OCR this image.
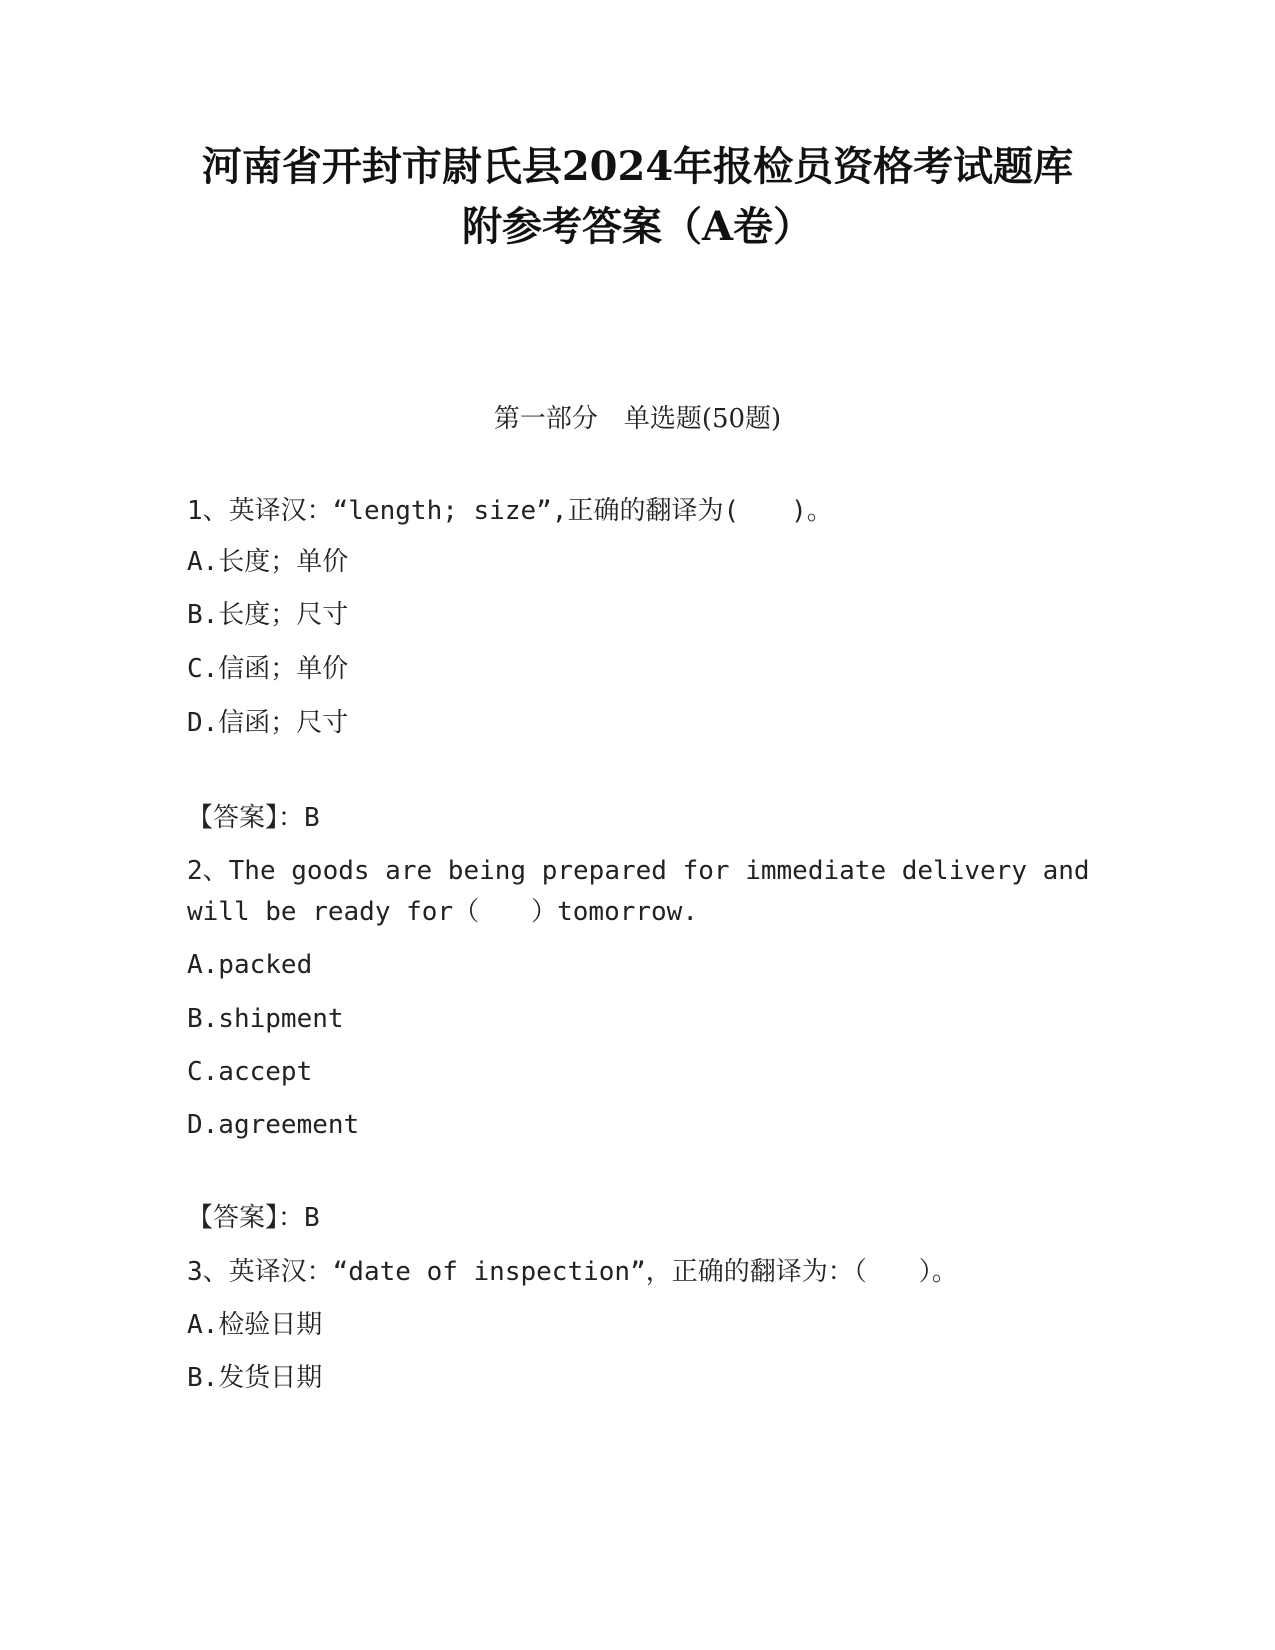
河南省开封市尉氏县2024年报检员资格考试题库
附参考答案（A卷）
第一部分　单选题(50题)
1、英译汉：“length; size”,正确的翻译为(　　)。
A.长度；单价
B.长度；尺寸
C.信函；单价
D.信函；尺寸
【答案】：B
2、The goods are being prepared for immediate delivery and
will be ready for（　　）tomorrow.
A.packed
B.shipment
C.accept
D.agreement
【答案】：B
3、英译汉：“date of inspection”，正确的翻译为：（　　）。
A.检验日期
B.发货日期
